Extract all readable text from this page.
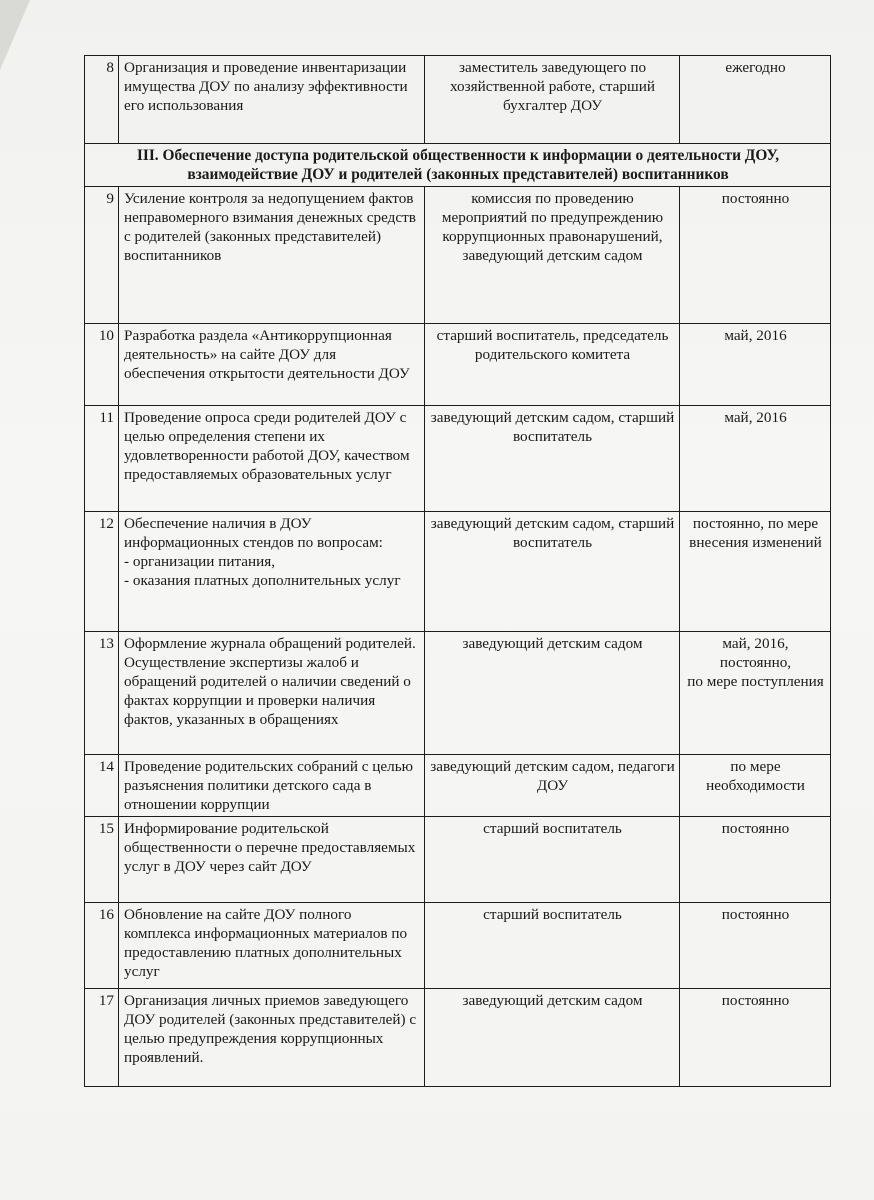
8	Организация и проведение инвентаризации имущества ДОУ по анализу эффективности его использования	заместитель заведующего по хозяйственной работе, старший бухгалтер ДОУ	ежегодно
III. Обеспечение доступа родительской общественности к информации о деятельности ДОУ, взаимодействие ДОУ и родителей (законных представителей) воспитанников			
9	Усиление контроля за недопущением фактов неправомерного взимания денежных средств с родителей (законных представителей) воспитанников	комиссия по проведению мероприятий по предупреждению коррупционных правонарушений, заведующий детским садом	постоянно
10	Разработка раздела «Антикоррупционная деятельность» на сайте ДОУ для обеспечения открытости деятельности ДОУ	старший воспитатель, председатель родительского комитета	май, 2016
11	Проведение опроса среди родителей ДОУ с целью определения степени их удовлетворенности работой ДОУ, качеством предоставляемых образовательных услуг	заведующий детским садом, старший воспитатель	май, 2016
12	Обеспечение наличия в ДОУ информационных стендов по вопросам:
- организации питания,
- оказания платных дополнительных услуг	заведующий детским садом, старший воспитатель	постоянно, по мере внесения изменений
13	Оформление журнала обращений родителей. Осуществление экспертизы жалоб и обращений родителей о наличии сведений о фактах коррупции и проверки наличия фактов, указанных в обращениях	заведующий детским садом	май, 2016,
постоянно,
по мере поступления
14	Проведение родительских собраний с целью разъяснения политики детского сада в отношении коррупции	заведующий детским садом, педагоги ДОУ	по мере необходимости
15	Информирование родительской общественности о перечне предоставляемых услуг в ДОУ через сайт ДОУ	старший воспитатель	постоянно
16	Обновление на сайте ДОУ полного комплекса информационных материалов по предоставлению платных дополнительных услуг	старший воспитатель	постоянно
17	Организация личных приемов заведующего ДОУ родителей (законных представителей) с целью предупреждения коррупционных проявлений.	заведующий детским садом	постоянно
